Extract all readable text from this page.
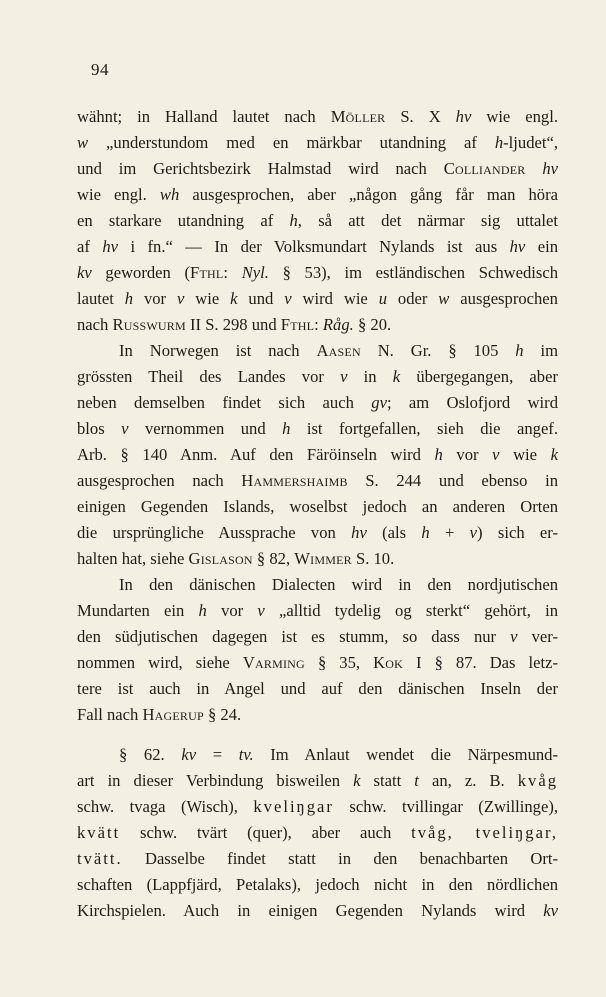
94
wähnt; in Halland lautet nach Möller S. X hv wie engl.
w „understundom med en märkbar utandning af h-ljudet“,
und im Gerichtsbezirk Halmstad wird nach Colliander hv
wie engl. wh ausgesprochen, aber „någon gång får man höra
en starkare utandning af h, så att det närmar sig uttalet
af hv i fn.“ — In der Volksmundart Nylands ist aus hv ein
kv geworden (Fthl: Nyl. § 53), im estländischen Schwedisch
lautet h vor v wie k und v wird wie u oder w ausgesprochen
nach Russwurm II S. 298 und Fthl: Råg. § 20.
In Norwegen ist nach Aasen N. Gr. § 105 h im
grössten Theil des Landes vor v in k übergegangen, aber
neben demselben findet sich auch gv; am Oslofjord wird
blos v vernommen und h ist fortgefallen, sieh die angef.
Arb. § 140 Anm. Auf den Färöinseln wird h vor v wie k
ausgesprochen nach Hammershaimb S. 244 und ebenso in
einigen Gegenden Islands, woselbst jedoch an anderen Orten
die ursprüngliche Aussprache von hv (als h + v) sich er-
halten hat, siehe Gislason § 82, Wimmer S. 10.
In den dänischen Dialecten wird in den nordjutischen
Mundarten ein h vor v „alltid tydelig og sterkt“ gehört, in
den südjutischen dagegen ist es stumm, so dass nur v ver-
nommen wird, siehe Varming § 35, Kok I § 87. Das letz-
tere ist auch in Angel und auf den dänischen Inseln der
Fall nach Hagerup § 24.
§ 62. kv = tv. Im Anlaut wendet die Närpesmund-
art in dieser Verbindung bisweilen k statt t an, z. B. kvåg
schw. tvaga (Wisch), kveliŋgar schw. tvillingar (Zwillinge),
kvätt schw. tvärt (quer), aber auch tvåg, tveliŋgar,
tvätt. Dasselbe findet statt in den benachbarten Ort-
schaften (Lappfjärd, Petalaks), jedoch nicht in den nördlichen
Kirchspielen. Auch in einigen Gegenden Nylands wird kv
